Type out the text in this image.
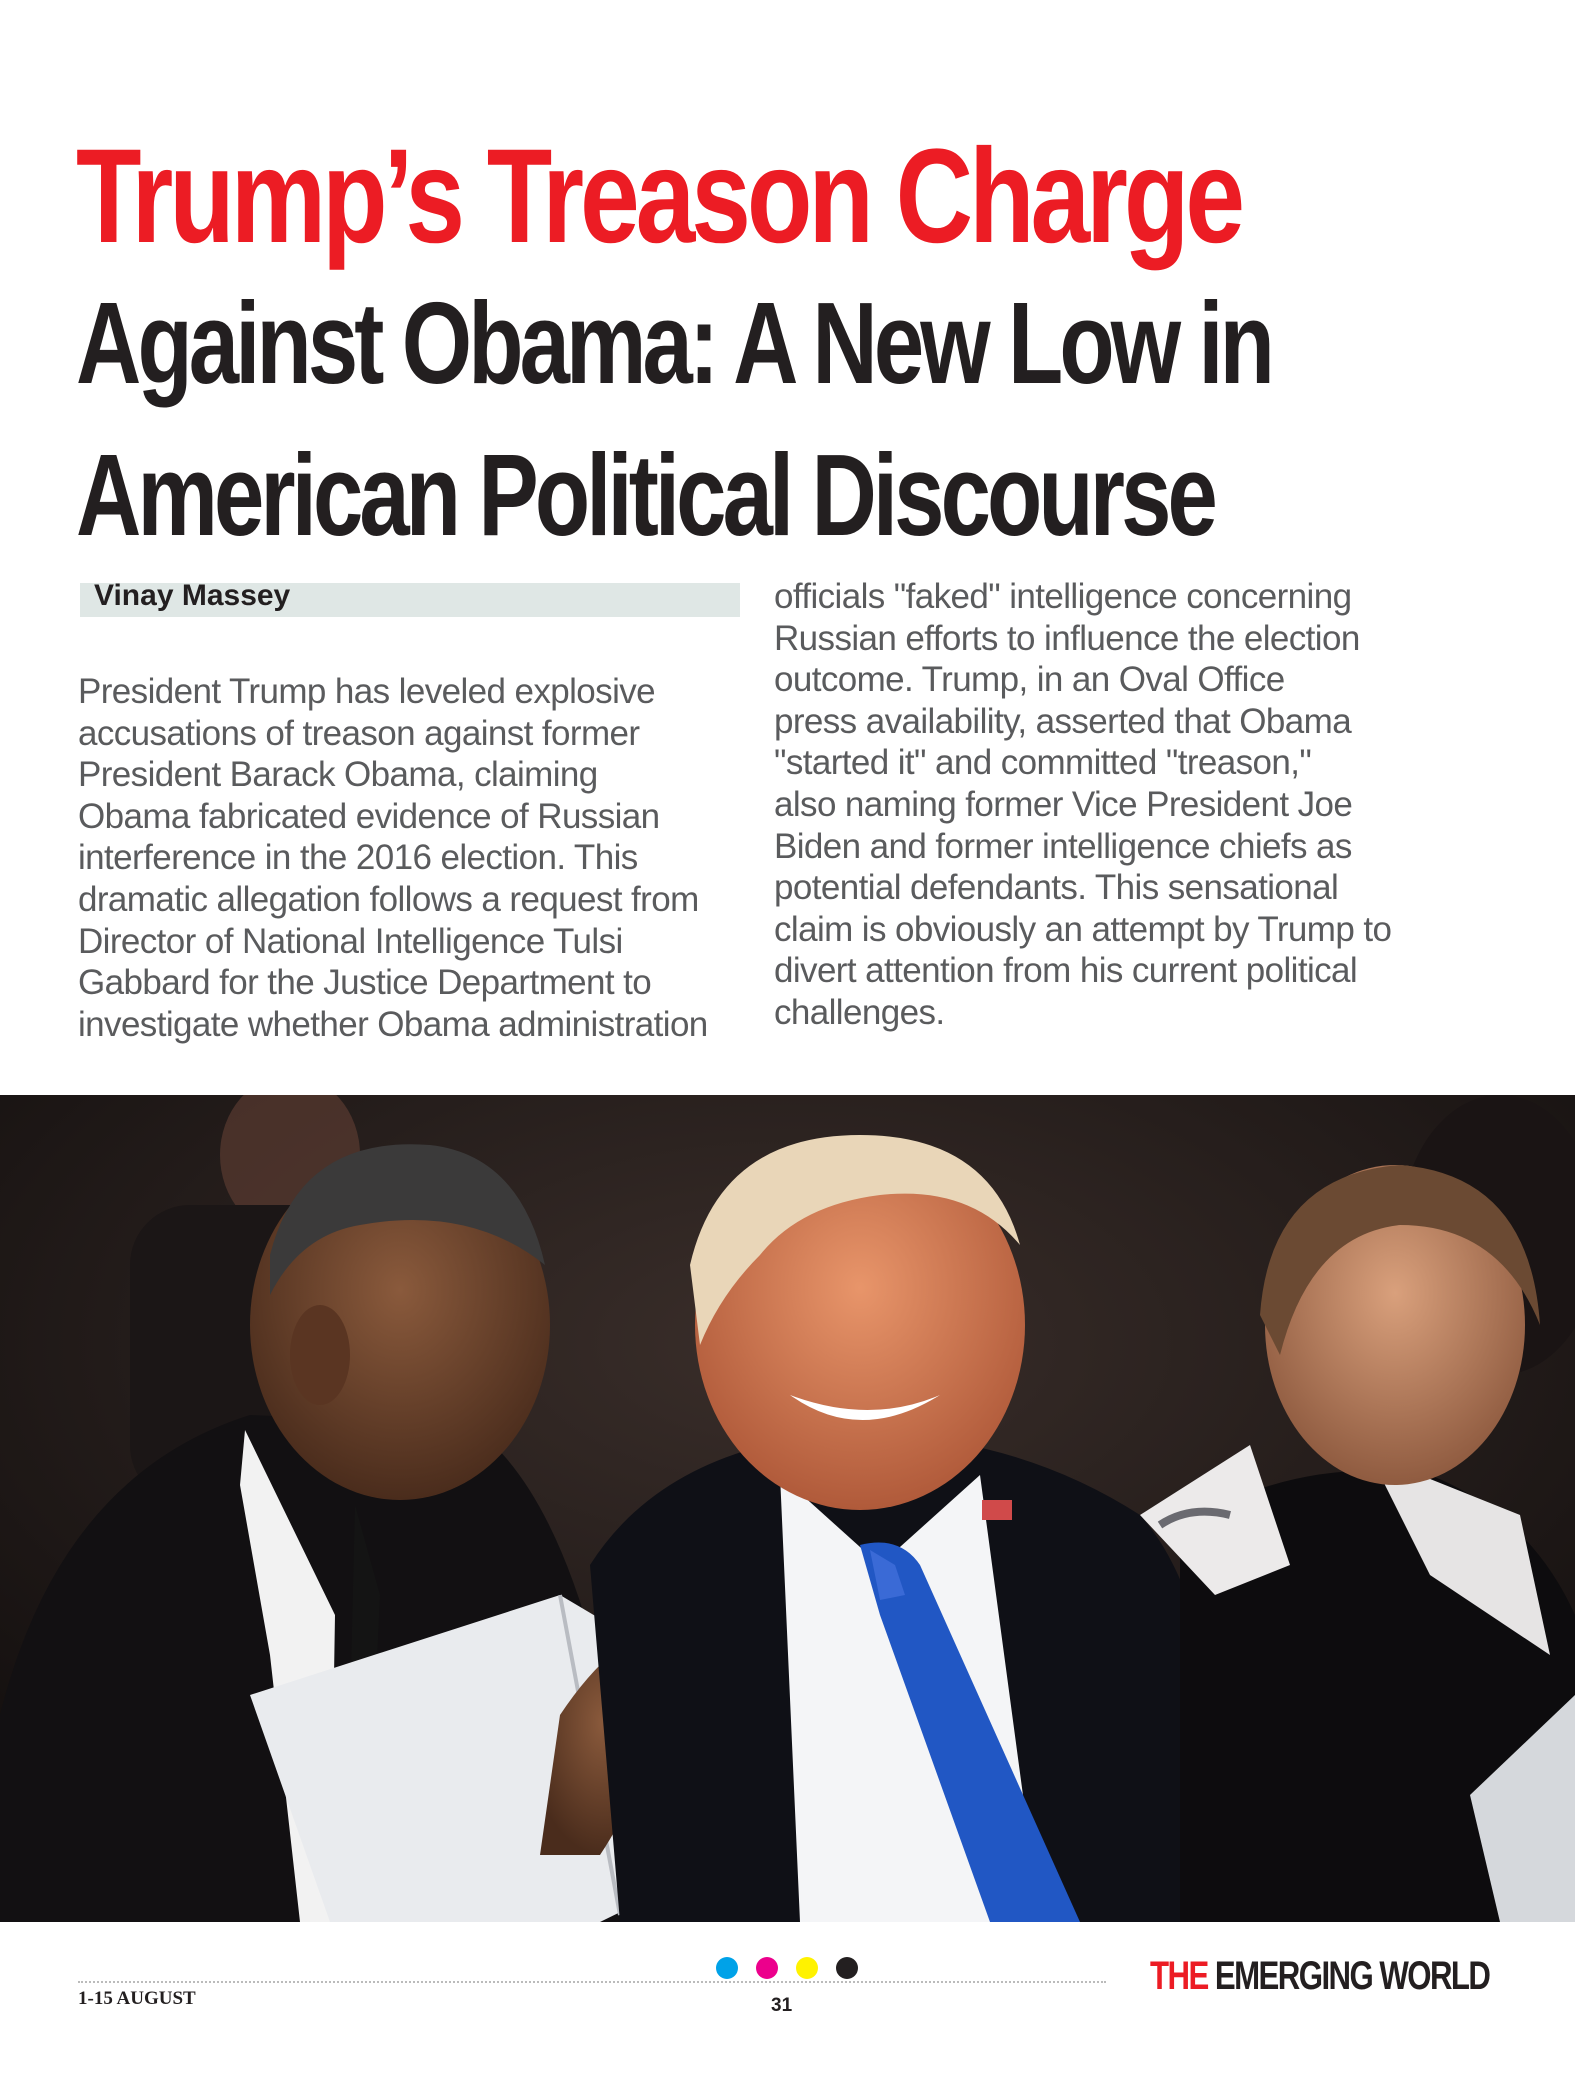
Trump’s Treason Charge
Against Obama: A New Low in
American Political Discourse
Vinay Massey

President Trump has leveled explosive
accusations of treason against former
President Barack Obama, claiming
Obama fabricated evidence of Russian
interference in the 2016 election. This
dramatic allegation follows a request from
Director of National Intelligence Tulsi
Gabbard for the Justice Department to
investigate whether Obama administration

officials "faked" intelligence concerning
Russian efforts to influence the election
outcome. Trump, in an Oval Office
press availability, asserted that Obama
"started it" and committed "treason,"
also naming former Vice President Joe
Biden and former intelligence chiefs as
potential defendants. This sensational
claim is obviously an attempt by Trump to
divert attention from his current political
challenges.

1-15 AUGUST	31
THE EMERGING WORLD
